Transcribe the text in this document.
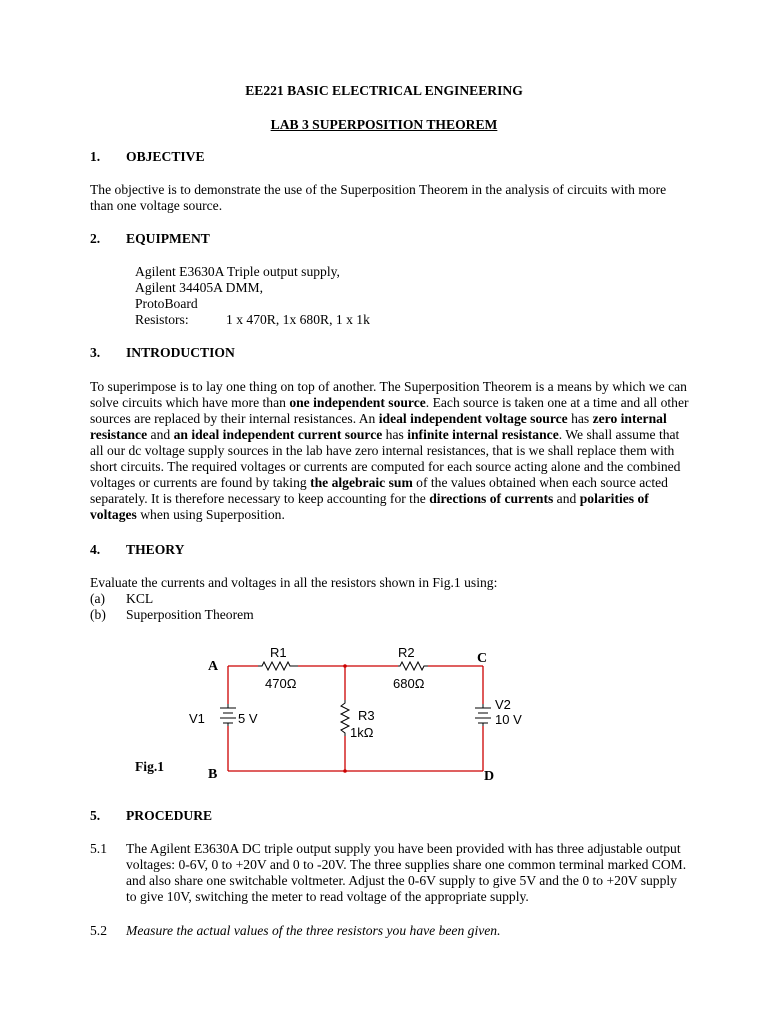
EE221 BASIC ELECTRICAL ENGINEERING
LAB 3 SUPERPOSITION THEOREM
1. OBJECTIVE
The objective is to demonstrate the use of the Superposition Theorem in the analysis of circuits with more
than one voltage source.
2. EQUIPMENT
Agilent E3630A Triple output supply,
Agilent 34405A DMM,
ProtoBoard
Resistors:	1 x 470R, 1x 680R, 1 x 1k
3. INTRODUCTION
To superimpose is to lay one thing on top of another. The Superposition Theorem is a means by which we can
solve circuits which have more than one independent source. Each source is taken one at a time and all other
sources are replaced by their internal resistances. An ideal independent voltage source has zero internal
resistance and an ideal independent current source has infinite internal resistance. We shall assume that
all our dc voltage supply sources in the lab have zero internal resistances, that is we shall replace them with
short circuits. The required voltages or currents are computed for each source acting alone and the combined
voltages or currents are found by taking the algebraic sum of the values obtained when each source acted
separately. It is therefore necessary to keep accounting for the directions of currents and polarities of
voltages when using Superposition.
4. THEORY
Evaluate the currents and voltages in all the resistors shown in Fig.1 using:
(a) KCL
(b) Superposition Theorem
A
B
C
D
R1
470Ω
R2
680Ω
R3
1kΩ
V1	5 V
V2
10 V
Fig.1
5. PROCEDURE
5.1 The Agilent E3630A DC triple output supply you have been provided with has three adjustable output
voltages: 0-6V, 0 to +20V and 0 to -20V. The three supplies share one common terminal marked COM.
and also share one switchable voltmeter. Adjust the 0-6V supply to give 5V and the 0 to +20V supply
to give 10V, switching the meter to read voltage of the appropriate supply.
5.2 Measure the actual values of the three resistors you have been given.
